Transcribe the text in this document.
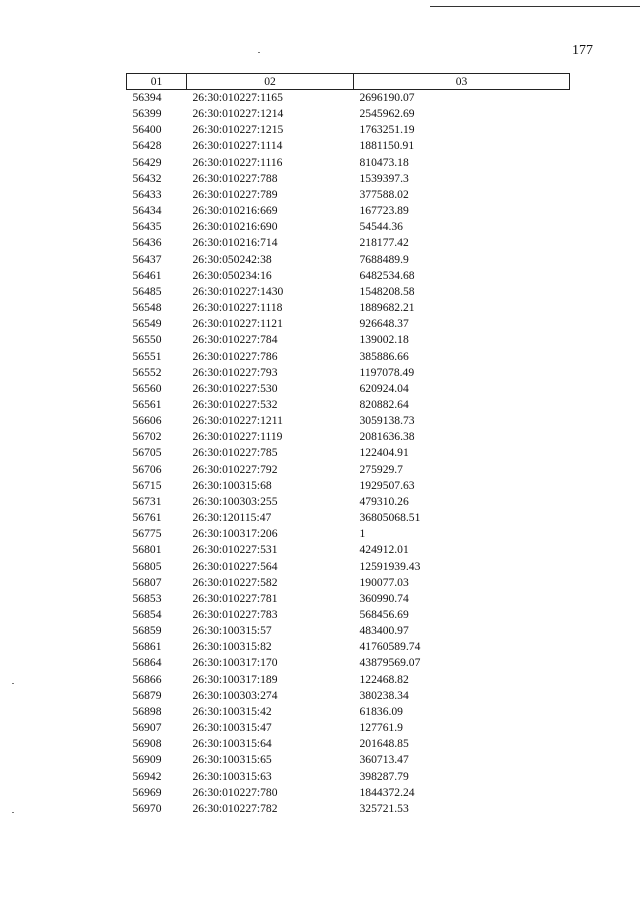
177
01	02	03
56394	26:30:010227:1165	2696190.07
56399	26:30:010227:1214	2545962.69
56400	26:30:010227:1215	1763251.19
56428	26:30:010227:1114	1881150.91
56429	26:30:010227:1116	810473.18
56432	26:30:010227:788	1539397.3
56433	26:30:010227:789	377588.02
56434	26:30:010216:669	167723.89
56435	26:30:010216:690	54544.36
56436	26:30:010216:714	218177.42
56437	26:30:050242:38	7688489.9
56461	26:30:050234:16	6482534.68
56485	26:30:010227:1430	1548208.58
56548	26:30:010227:1118	1889682.21
56549	26:30:010227:1121	926648.37
56550	26:30:010227:784	139002.18
56551	26:30:010227:786	385886.66
56552	26:30:010227:793	1197078.49
56560	26:30:010227:530	620924.04
56561	26:30:010227:532	820882.64
56606	26:30:010227:1211	3059138.73
56702	26:30:010227:1119	2081636.38
56705	26:30:010227:785	122404.91
56706	26:30:010227:792	275929.7
56715	26:30:100315:68	1929507.63
56731	26:30:100303:255	479310.26
56761	26:30:120115:47	36805068.51
56775	26:30:100317:206	1
56801	26:30:010227:531	424912.01
56805	26:30:010227:564	12591939.43
56807	26:30:010227:582	190077.03
56853	26:30:010227:781	360990.74
56854	26:30:010227:783	568456.69
56859	26:30:100315:57	483400.97
56861	26:30:100315:82	41760589.74
56864	26:30:100317:170	43879569.07
56866	26:30:100317:189	122468.82
56879	26:30:100303:274	380238.34
56898	26:30:100315:42	61836.09
56907	26:30:100315:47	127761.9
56908	26:30:100315:64	201648.85
56909	26:30:100315:65	360713.47
56942	26:30:100315:63	398287.79
56969	26:30:010227:780	1844372.24
56970	26:30:010227:782	325721.53
